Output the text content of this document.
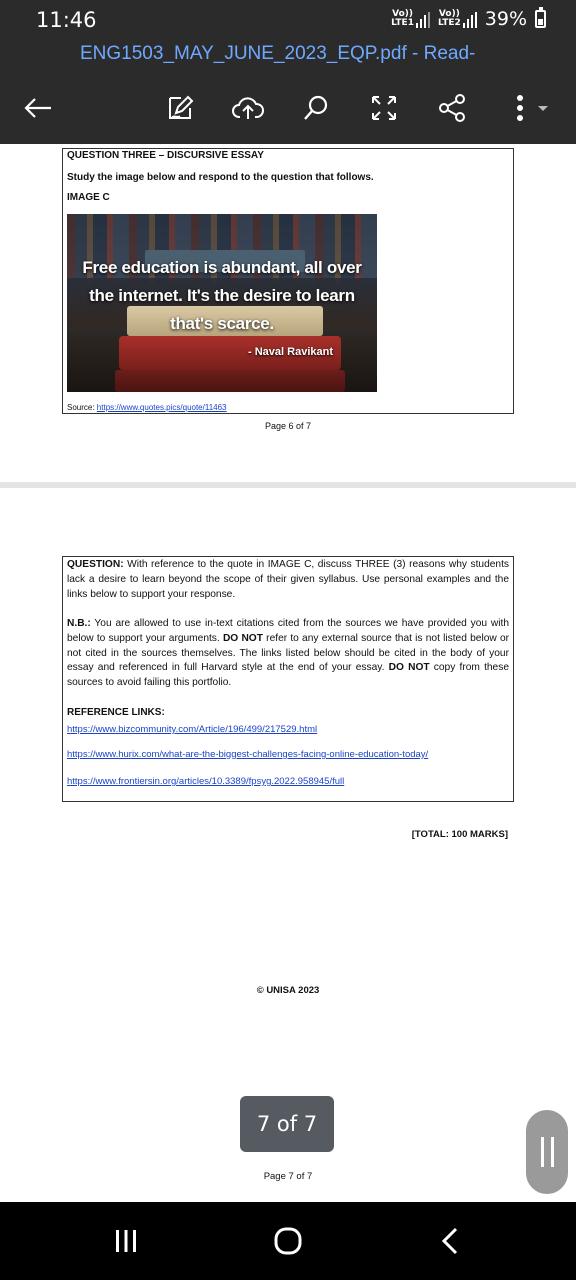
11:46	Vo))
LTE1
Vo))
LTE2 39%
ENG1503_MAY_JUNE_2023_EQP.pdf - Read-
QUESTION THREE – DISCURSIVE ESSAY
Study the image below and respond to the question that follows.
IMAGE C
Free education is abundant, all over
the internet. It's the desire to learn
that's scarce.
- Naval Ravikant
Source: https://www.quotes.pics/quote/11463
Page 6 of 7
QUESTION: With reference to the quote in IMAGE C, discuss THREE (3) reasons why students lack a desire to learn beyond the scope of their given syllabus. Use personal examples and the links below to support your response.
N.B.: You are allowed to use in-text citations cited from the sources we have provided you with below to support your arguments. DO NOT refer to any external source that is not listed below or not cited in the sources themselves. The links listed below should be cited in the body of your essay and referenced in full Harvard style at the end of your essay. DO NOT copy from these sources to avoid failing this portfolio.
REFERENCE LINKS:
https://www.bizcommunity.com/Article/196/499/217529.html
https://www.hurix.com/what-are-the-biggest-challenges-facing-online-education-today/
https://www.frontiersin.org/articles/10.3389/fpsyg.2022.958945/full
[TOTAL: 100 MARKS]
© UNISA 2023
Page 7 of 7
7 of 7
